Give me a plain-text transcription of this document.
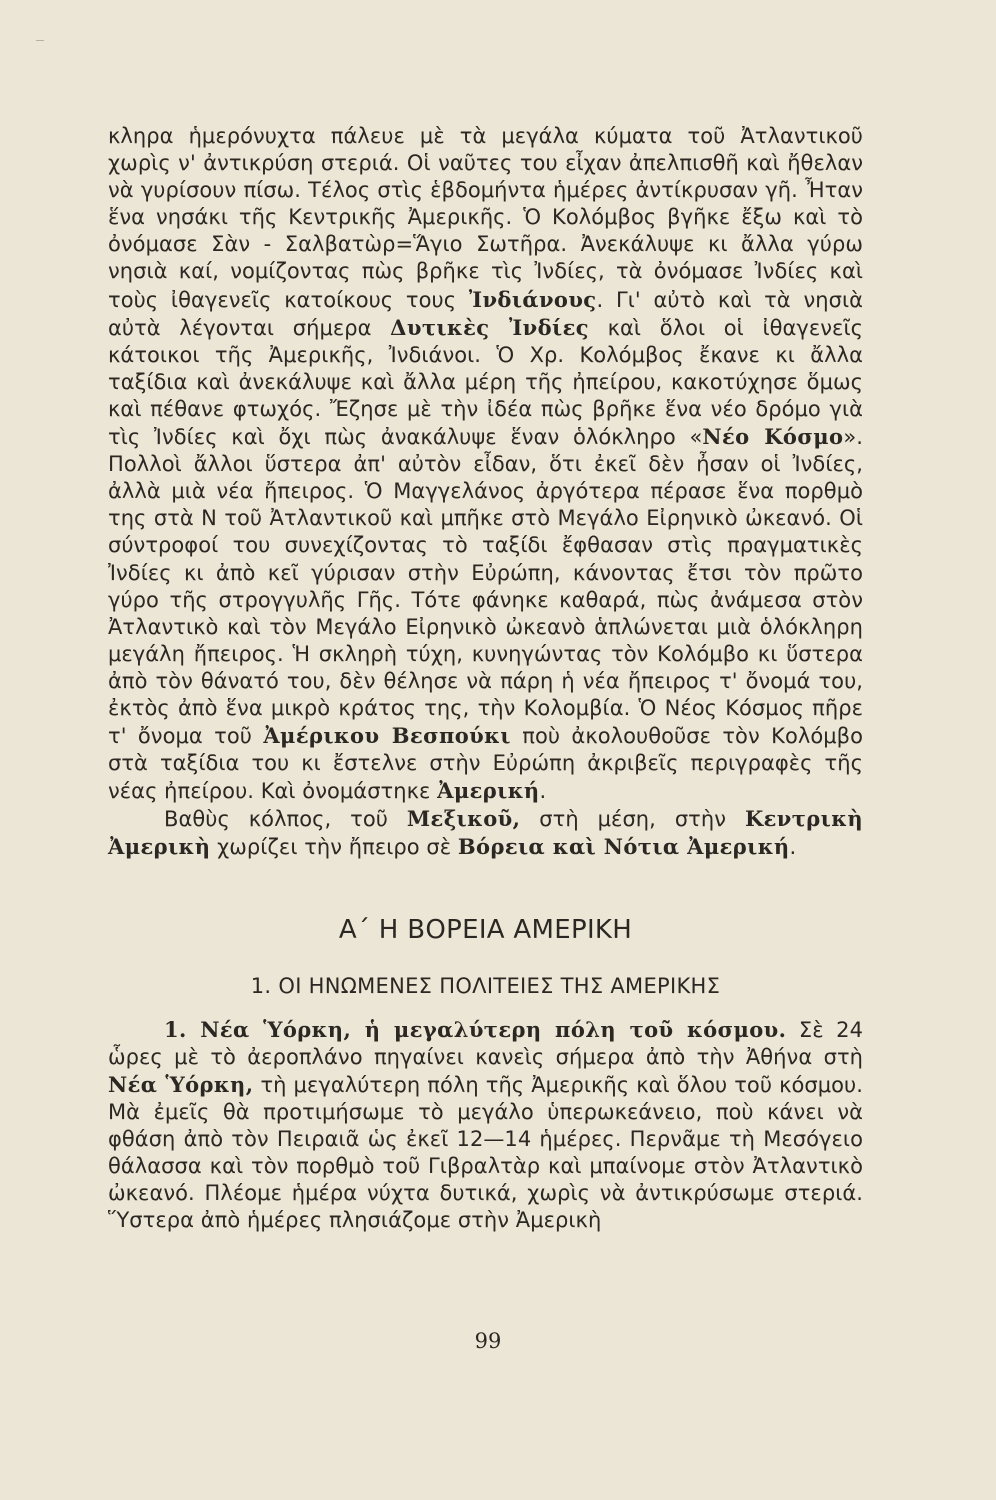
κληρα ἡμερόνυχτα πάλευε μὲ τὰ μεγάλα κύματα τοῦ Ἀτλαντικοῦ χωρὶς ν' ἀντικρύση στεριά. Οἱ ναῦτες του εἶχαν ἀπελπισθῆ καὶ ἤθελαν νὰ γυρίσουν πίσω. Τέλος στὶς ἑβδομήντα ἡμέρες ἀντίκρυσαν γῆ. Ἦταν ἕνα νησάκι τῆς Κεντρικῆς Ἀμερικῆς. Ὁ Κολόμβος βγῆκε ἔξω καὶ τὸ ὀνόμασε Σὰν - Σαλβατὼρ=Ἅγιο Σωτῆρα. Ἀνεκάλυψε κι ἄλλα γύρω νησιὰ καί, νομίζοντας πὼς βρῆκε τὶς Ἰνδίες, τὰ ὀνόμασε Ἰνδίες καὶ τοὺς ἰθαγενεῖς κατοίκους τους Ἰνδιάνους. Γι' αὐτὸ καὶ τὰ νησιὰ αὐτὰ λέγονται σήμερα Δυτικὲς Ἰνδίες καὶ ὅλοι οἱ ἰθαγενεῖς κάτοικοι τῆς Ἀμερικῆς, Ἰνδιάνοι. Ὁ Χρ. Κολόμβος ἔκανε κι ἄλλα ταξίδια καὶ ἀνεκάλυψε καὶ ἄλλα μέρη τῆς ἠπείρου, κακοτύχησε ὅμως καὶ πέθανε φτωχός. Ἔζησε μὲ τὴν ἰδέα πὼς βρῆκε ἕνα νέο δρόμο γιὰ τὶς Ἰνδίες καὶ ὄχι πὼς ἀνακάλυψε ἕναν ὁλόκληρο «Νέο Κόσμο». Πολλοὶ ἄλλοι ὕστερα ἀπ' αὐτὸν εἶδαν, ὅτι ἐκεῖ δὲν ἦσαν οἱ Ἰνδίες, ἀλλὰ μιὰ νέα ἤπειρος. Ὁ Μαγγελάνος ἀργότερα πέρασε ἕνα πορθμὸ της στὰ Ν τοῦ Ἀτλαντικοῦ καὶ μπῆκε στὸ Μεγάλο Εἰρηνικὸ ὠκεανό. Οἱ σύντροφοί του συνεχίζοντας τὸ ταξίδι ἔφθασαν στὶς πραγματικὲς Ἰνδίες κι ἀπὸ κεῖ γύρισαν στὴν Εὐρώπη, κάνοντας ἔτσι τὸν πρῶτο γύρο τῆς στρογγυλῆς Γῆς. Τότε φάνηκε καθαρά, πὼς ἀνάμεσα στὸν Ἀτλαντικὸ καὶ τὸν Μεγάλο Εἰρηνικὸ ὠκεανὸ ἁπλώνεται μιὰ ὁλόκληρη μεγάλη ἤπειρος. Ἡ σκληρὴ τύχη, κυνηγώντας τὸν Κολόμβο κι ὕστερα ἀπὸ τὸν θάνατό του, δὲν θέλησε νὰ πάρη ἡ νέα ἤπειρος τ' ὄνομά του, ἐκτὸς ἀπὸ ἕνα μικρὸ κράτος της, τὴν Κολομβία. Ὁ Νέος Κόσμος πῆρε τ' ὄνομα τοῦ Ἀμέρικου Βεσπούκι ποὺ ἀκολουθοῦσε τὸν Κολόμβο στὰ ταξίδια του κι ἔστελνε στὴν Εὐρώπη ἀκριβεῖς περιγραφὲς τῆς νέας ἠπείρου. Καὶ ὀνομάστηκε Ἀμερική.

Βαθὺς κόλπος, τοῦ Μεξικοῦ, στὴ μέση, στὴν Κεντρικὴ Ἀμερικὴ χωρίζει τὴν ἤπειρο σὲ Βόρεια καὶ Νότια Ἀμερική.

Α΄ Η ΒΟΡΕΙΑ ΑΜΕΡΙΚΗ
1. ΟΙ ΗΝΩΜΕΝΕΣ ΠΟΛΙΤΕΙΕΣ ΤΗΣ ΑΜΕΡΙΚΗΣ

1. Νέα Ὑόρκη, ἡ μεγαλύτερη πόλη τοῦ κόσμου. Σὲ 24 ὧρες μὲ τὸ ἀεροπλάνο πηγαίνει κανεὶς σήμερα ἀπὸ τὴν Ἀθήνα στὴ Νέα Ὑόρκη, τὴ μεγαλύτερη πόλη τῆς Ἀμερικῆς καὶ ὅλου τοῦ κόσμου. Μὰ ἐμεῖς θὰ προτιμήσωμε τὸ μεγάλο ὑπερωκεάνειο, ποὺ κάνει νὰ φθάση ἀπὸ τὸν Πειραιᾶ ὡς ἐκεῖ 12—14 ἡμέρες. Περνᾶμε τὴ Μεσόγειο θάλασσα καὶ τὸν πορθμὸ τοῦ Γιβραλτὰρ καὶ μπαίνομε στὸν Ἀτλαντικὸ ὠκεανό. Πλέομε ἡμέρα νύχτα δυτικά, χωρὶς νὰ ἀντικρύσωμε στεριά. Ὕστερα ἀπὸ ἡμέρες πλησιάζομε στὴν Ἀμερικὴ

99
